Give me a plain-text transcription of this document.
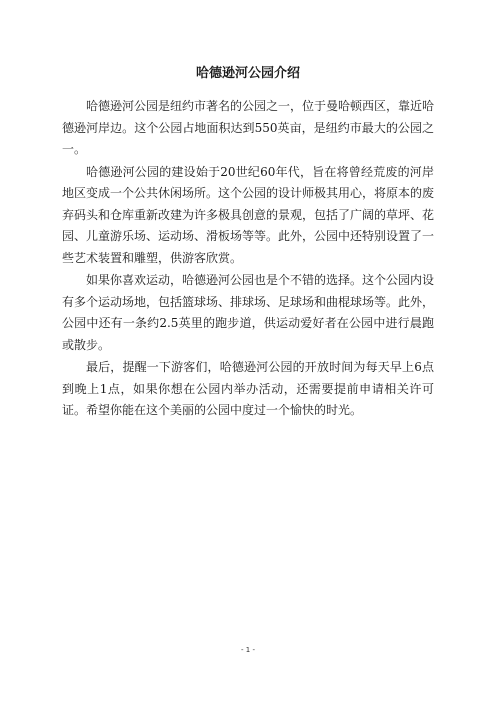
哈德逊河公园介绍

哈德逊河公园是纽约市著名的公园之一，位于曼哈顿西区，靠近哈德逊河岸边。这个公园占地面积达到550英亩，是纽约市最大的公园之一。

哈德逊河公园的建设始于20世纪60年代，旨在将曾经荒废的河岸地区变成一个公共休闲场所。这个公园的设计师极其用心，将原本的废弃码头和仓库重新改建为许多极具创意的景观，包括了广阔的草坪、花园、儿童游乐场、运动场、滑板场等等。此外，公园中还特别设置了一些艺术装置和雕塑，供游客欣赏。

如果你喜欢运动，哈德逊河公园也是个不错的选择。这个公园内设有多个运动场地，包括篮球场、排球场、足球场和曲棍球场等。此外，公园中还有一条约2.5英里的跑步道，供运动爱好者在公园中进行晨跑或散步。

最后，提醒一下游客们，哈德逊河公园的开放时间为每天早上6点到晚上1点，如果你想在公园内举办活动，还需要提前申请相关许可证。希望你能在这个美丽的公园中度过一个愉快的时光。

- 1 -
